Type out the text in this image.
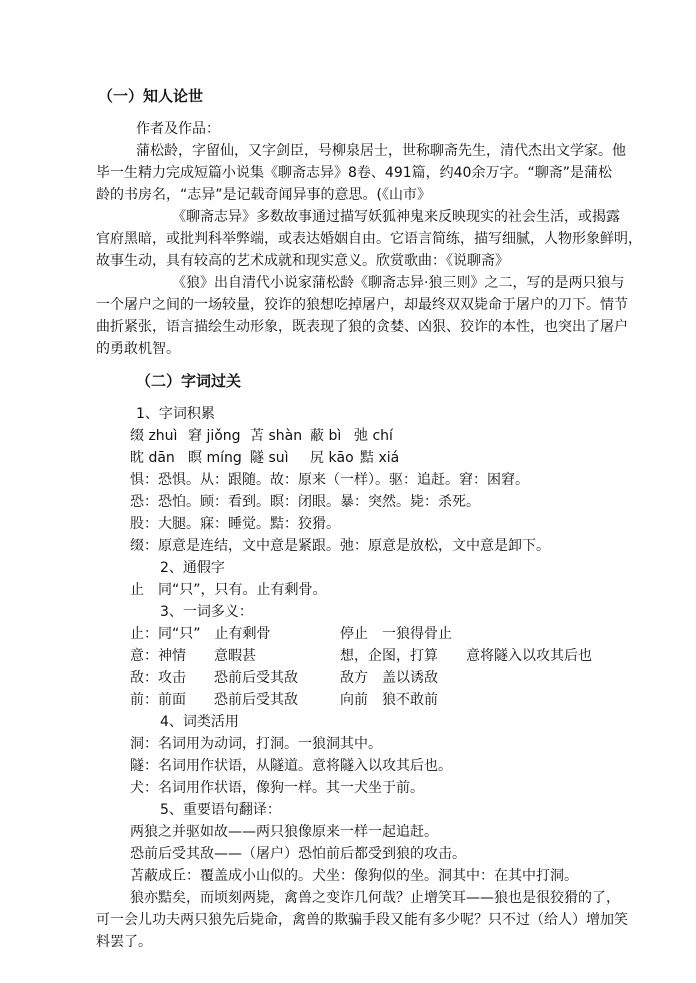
（一）知人论世
作者及作品：
蒲松龄，字留仙，又字剑臣，号柳泉居士，世称聊斋先生，清代杰出文学家。他
毕一生精力完成短篇小说集《聊斋志异》8卷、491篇，约40余万字。“聊斋”是蒲松
龄的书房名，“志异”是记载奇闻异事的意思。(《山市》
《聊斋志异》多数故事通过描写妖狐神鬼来反映现实的社会生活，或揭露
官府黑暗，或批判科举弊端，或表达婚姻自由。它语言简练，描写细腻，人物形象鲜明，
故事生动，具有较高的艺术成就和现实意义。欣赏歌曲：《说聊斋》
《狼》出自清代小说家蒲松龄《聊斋志异·狼三则》之二，写的是两只狼与
一个屠户之间的一场较量，狡诈的狼想吃掉屠户，却最终双双毙命于屠户的刀下。情节
曲折紧张，语言描绘生动形象，既表现了狼的贪婪、凶狠、狡诈的本性，也突出了屠户
的勇敢机智。
（二）字词过关
1、字词积累
缀 zhuì 窘 jiǒng 苫 shàn 蔽 bì 弛 chí
眈 dān 瞑 míng 隧 suì 尻 kāo 黠 xiá
惧：恐惧。从：跟随。故：原来（一样）。驱：追赶。窘：困窘。
恐：恐怕。顾：看到。瞑：闭眼。暴：突然。毙：杀死。
股：大腿。寐：睡觉。黠：狡猾。
缀：原意是连结，文中意是紧跟。弛：原意是放松，文中意是卸下。
2、通假字
止　同“只”，只有。止有剩骨。
3、一词多义：
止：同“只”　止有剩骨	停止　一狼得骨止
意：神情　　意暇甚	想，企图，打算　　意将隧入以攻其后也
敌：攻击　　恐前后受其敌	敌方　盖以诱敌
前：前面　　恐前后受其敌	向前　狼不敢前
4、词类活用
洞：名词用为动词，打洞。一狼洞其中。
隧：名词用作状语，从隧道。意将隧入以攻其后也。
犬：名词用作状语，像狗一样。其一犬坐于前。
5、重要语句翻译：
两狼之并驱如故——两只狼像原来一样一起追赶。
恐前后受其敌——（屠户）恐怕前后都受到狼的攻击。
苫蔽成丘：覆盖成小山似的。犬坐：像狗似的坐。洞其中：在其中打洞。
狼亦黠矣，而顷刻两毙，禽兽之变诈几何哉？止增笑耳——狼也是很狡猾的了，
可一会儿功夫两只狼先后毙命，禽兽的欺骗手段又能有多少呢？只不过（给人）增加笑
料罢了。
